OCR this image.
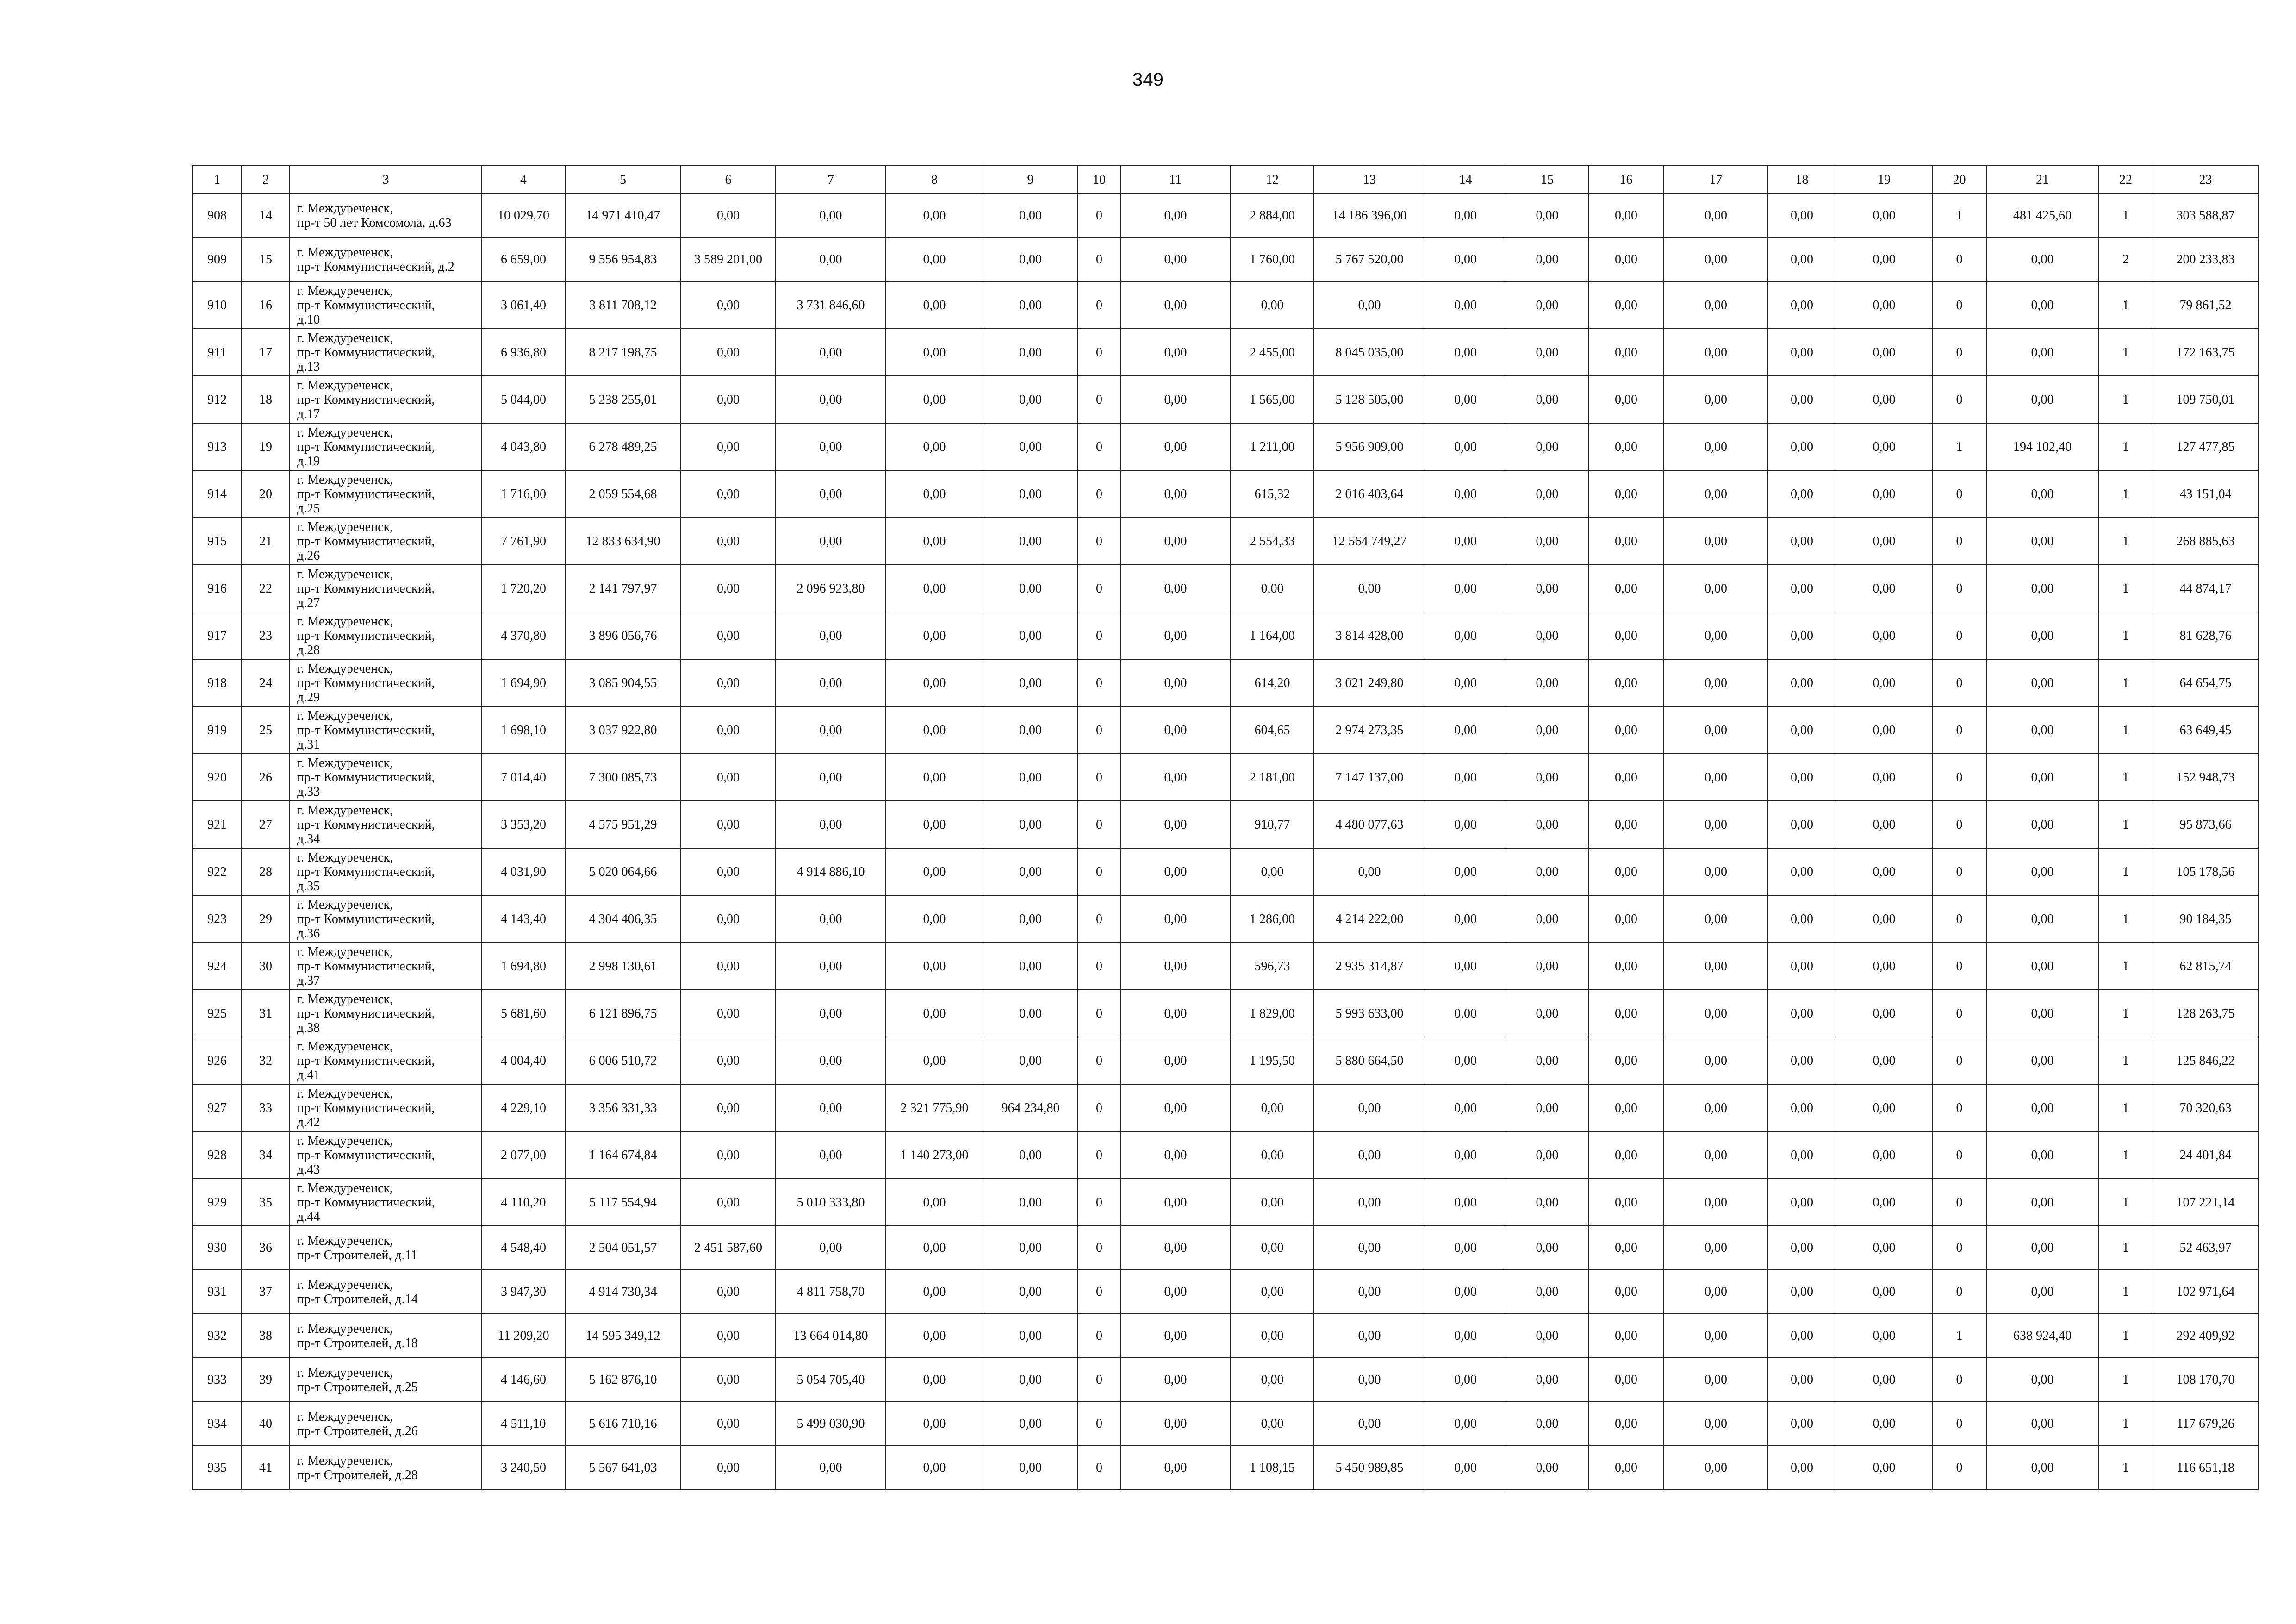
349
1	2	3	4	5	6	7	8	9	10	11	12	13	14	15	16	17	18	19	20	21	22	23
908	14	г. Междуреченск,
пр-т 50 лет Комсомола, д.63	10 029,70	14 971 410,47	0,00	0,00	0,00	0,00	0	0,00	2 884,00	14 186 396,00	0,00	0,00	0,00	0,00	0,00	0,00	1	481 425,60	1	303 588,87
909	15	г. Междуреченск,
пр-т Коммунистический, д.2	6 659,00	9 556 954,83	3 589 201,00	0,00	0,00	0,00	0	0,00	1 760,00	5 767 520,00	0,00	0,00	0,00	0,00	0,00	0,00	0	0,00	2	200 233,83
910	16	г. Междуреченск,
пр-т Коммунистический,
д.10	3 061,40	3 811 708,12	0,00	3 731 846,60	0,00	0,00	0	0,00	0,00	0,00	0,00	0,00	0,00	0,00	0,00	0,00	0	0,00	1	79 861,52
911	17	г. Междуреченск,
пр-т Коммунистический,
д.13	6 936,80	8 217 198,75	0,00	0,00	0,00	0,00	0	0,00	2 455,00	8 045 035,00	0,00	0,00	0,00	0,00	0,00	0,00	0	0,00	1	172 163,75
912	18	г. Междуреченск,
пр-т Коммунистический,
д.17	5 044,00	5 238 255,01	0,00	0,00	0,00	0,00	0	0,00	1 565,00	5 128 505,00	0,00	0,00	0,00	0,00	0,00	0,00	0	0,00	1	109 750,01
913	19	г. Междуреченск,
пр-т Коммунистический,
д.19	4 043,80	6 278 489,25	0,00	0,00	0,00	0,00	0	0,00	1 211,00	5 956 909,00	0,00	0,00	0,00	0,00	0,00	0,00	1	194 102,40	1	127 477,85
914	20	г. Междуреченск,
пр-т Коммунистический,
д.25	1 716,00	2 059 554,68	0,00	0,00	0,00	0,00	0	0,00	615,32	2 016 403,64	0,00	0,00	0,00	0,00	0,00	0,00	0	0,00	1	43 151,04
915	21	г. Междуреченск,
пр-т Коммунистический,
д.26	7 761,90	12 833 634,90	0,00	0,00	0,00	0,00	0	0,00	2 554,33	12 564 749,27	0,00	0,00	0,00	0,00	0,00	0,00	0	0,00	1	268 885,63
916	22	г. Междуреченск,
пр-т Коммунистический,
д.27	1 720,20	2 141 797,97	0,00	2 096 923,80	0,00	0,00	0	0,00	0,00	0,00	0,00	0,00	0,00	0,00	0,00	0,00	0	0,00	1	44 874,17
917	23	г. Междуреченск,
пр-т Коммунистический,
д.28	4 370,80	3 896 056,76	0,00	0,00	0,00	0,00	0	0,00	1 164,00	3 814 428,00	0,00	0,00	0,00	0,00	0,00	0,00	0	0,00	1	81 628,76
918	24	г. Междуреченск,
пр-т Коммунистический,
д.29	1 694,90	3 085 904,55	0,00	0,00	0,00	0,00	0	0,00	614,20	3 021 249,80	0,00	0,00	0,00	0,00	0,00	0,00	0	0,00	1	64 654,75
919	25	г. Междуреченск,
пр-т Коммунистический,
д.31	1 698,10	3 037 922,80	0,00	0,00	0,00	0,00	0	0,00	604,65	2 974 273,35	0,00	0,00	0,00	0,00	0,00	0,00	0	0,00	1	63 649,45
920	26	г. Междуреченск,
пр-т Коммунистический,
д.33	7 014,40	7 300 085,73	0,00	0,00	0,00	0,00	0	0,00	2 181,00	7 147 137,00	0,00	0,00	0,00	0,00	0,00	0,00	0	0,00	1	152 948,73
921	27	г. Междуреченск,
пр-т Коммунистический,
д.34	3 353,20	4 575 951,29	0,00	0,00	0,00	0,00	0	0,00	910,77	4 480 077,63	0,00	0,00	0,00	0,00	0,00	0,00	0	0,00	1	95 873,66
922	28	г. Междуреченск,
пр-т Коммунистический,
д.35	4 031,90	5 020 064,66	0,00	4 914 886,10	0,00	0,00	0	0,00	0,00	0,00	0,00	0,00	0,00	0,00	0,00	0,00	0	0,00	1	105 178,56
923	29	г. Междуреченск,
пр-т Коммунистический,
д.36	4 143,40	4 304 406,35	0,00	0,00	0,00	0,00	0	0,00	1 286,00	4 214 222,00	0,00	0,00	0,00	0,00	0,00	0,00	0	0,00	1	90 184,35
924	30	г. Междуреченск,
пр-т Коммунистический,
д.37	1 694,80	2 998 130,61	0,00	0,00	0,00	0,00	0	0,00	596,73	2 935 314,87	0,00	0,00	0,00	0,00	0,00	0,00	0	0,00	1	62 815,74
925	31	г. Междуреченск,
пр-т Коммунистический,
д.38	5 681,60	6 121 896,75	0,00	0,00	0,00	0,00	0	0,00	1 829,00	5 993 633,00	0,00	0,00	0,00	0,00	0,00	0,00	0	0,00	1	128 263,75
926	32	г. Междуреченск,
пр-т Коммунистический,
д.41	4 004,40	6 006 510,72	0,00	0,00	0,00	0,00	0	0,00	1 195,50	5 880 664,50	0,00	0,00	0,00	0,00	0,00	0,00	0	0,00	1	125 846,22
927	33	г. Междуреченск,
пр-т Коммунистический,
д.42	4 229,10	3 356 331,33	0,00	0,00	2 321 775,90	964 234,80	0	0,00	0,00	0,00	0,00	0,00	0,00	0,00	0,00	0,00	0	0,00	1	70 320,63
928	34	г. Междуреченск,
пр-т Коммунистический,
д.43	2 077,00	1 164 674,84	0,00	0,00	1 140 273,00	0,00	0	0,00	0,00	0,00	0,00	0,00	0,00	0,00	0,00	0,00	0	0,00	1	24 401,84
929	35	г. Междуреченск,
пр-т Коммунистический,
д.44	4 110,20	5 117 554,94	0,00	5 010 333,80	0,00	0,00	0	0,00	0,00	0,00	0,00	0,00	0,00	0,00	0,00	0,00	0	0,00	1	107 221,14
930	36	г. Междуреченск,
пр-т Строителей, д.11	4 548,40	2 504 051,57	2 451 587,60	0,00	0,00	0,00	0	0,00	0,00	0,00	0,00	0,00	0,00	0,00	0,00	0,00	0	0,00	1	52 463,97
931	37	г. Междуреченск,
пр-т Строителей, д.14	3 947,30	4 914 730,34	0,00	4 811 758,70	0,00	0,00	0	0,00	0,00	0,00	0,00	0,00	0,00	0,00	0,00	0,00	0	0,00	1	102 971,64
932	38	г. Междуреченск,
пр-т Строителей, д.18	11 209,20	14 595 349,12	0,00	13 664 014,80	0,00	0,00	0	0,00	0,00	0,00	0,00	0,00	0,00	0,00	0,00	0,00	1	638 924,40	1	292 409,92
933	39	г. Междуреченск,
пр-т Строителей, д.25	4 146,60	5 162 876,10	0,00	5 054 705,40	0,00	0,00	0	0,00	0,00	0,00	0,00	0,00	0,00	0,00	0,00	0,00	0	0,00	1	108 170,70
934	40	г. Междуреченск,
пр-т Строителей, д.26	4 511,10	5 616 710,16	0,00	5 499 030,90	0,00	0,00	0	0,00	0,00	0,00	0,00	0,00	0,00	0,00	0,00	0,00	0	0,00	1	117 679,26
935	41	г. Междуреченск,
пр-т Строителей, д.28	3 240,50	5 567 641,03	0,00	0,00	0,00	0,00	0	0,00	1 108,15	5 450 989,85	0,00	0,00	0,00	0,00	0,00	0,00	0	0,00	1	116 651,18
